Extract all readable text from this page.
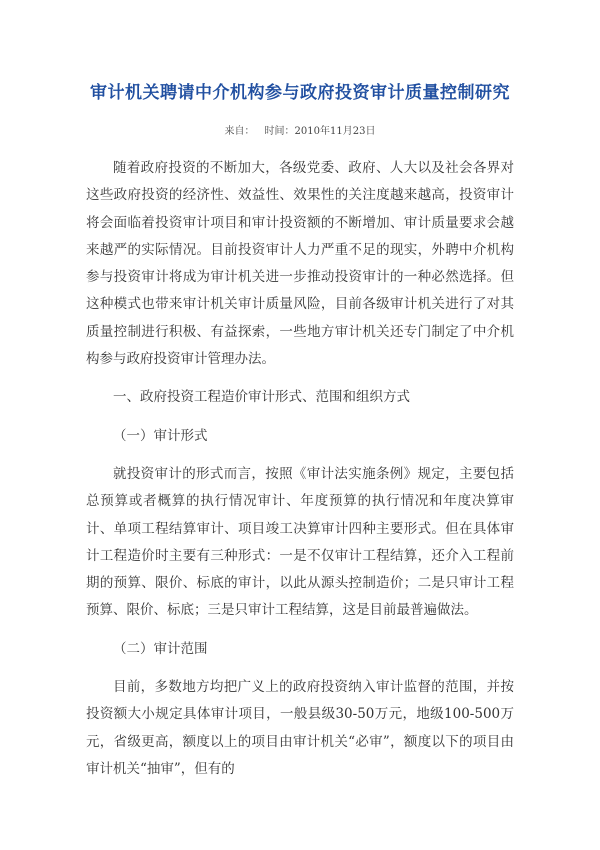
审计机关聘请中介机构参与政府投资审计质量控制研究
来自： 时间：2010年11月23日

随着政府投资的不断加大，各级党委、政府、人大以及社会各界对这些政府投资的经济性、效益性、效果性的关注度越来越高，投资审计将会面临着投资审计项目和审计投资额的不断增加、审计质量要求会越来越严的实际情况。目前投资审计人力严重不足的现实，外聘中介机构参与投资审计将成为审计机关进一步推动投资审计的一种必然选择。但这种模式也带来审计机关审计质量风险，目前各级审计机关进行了对其质量控制进行积极、有益探索，一些地方审计机关还专门制定了中介机构参与政府投资审计管理办法。

一、政府投资工程造价审计形式、范围和组织方式

（一）审计形式

就投资审计的形式而言，按照《审计法实施条例》规定，主要包括总预算或者概算的执行情况审计、年度预算的执行情况和年度决算审计、单项工程结算审计、项目竣工决算审计四种主要形式。但在具体审计工程造价时主要有三种形式：一是不仅审计工程结算，还介入工程前期的预算、限价、标底的审计，以此从源头控制造价；二是只审计工程预算、限价、标底；三是只审计工程结算，这是目前最普遍做法。

（二）审计范围

目前，多数地方均把广义上的政府投资纳入审计监督的范围，并按投资额大小规定具体审计项目，一般县级30-50万元，地级100-500万元，省级更高，额度以上的项目由审计机关“必审”，额度以下的项目由审计机关“抽审”，但有的
